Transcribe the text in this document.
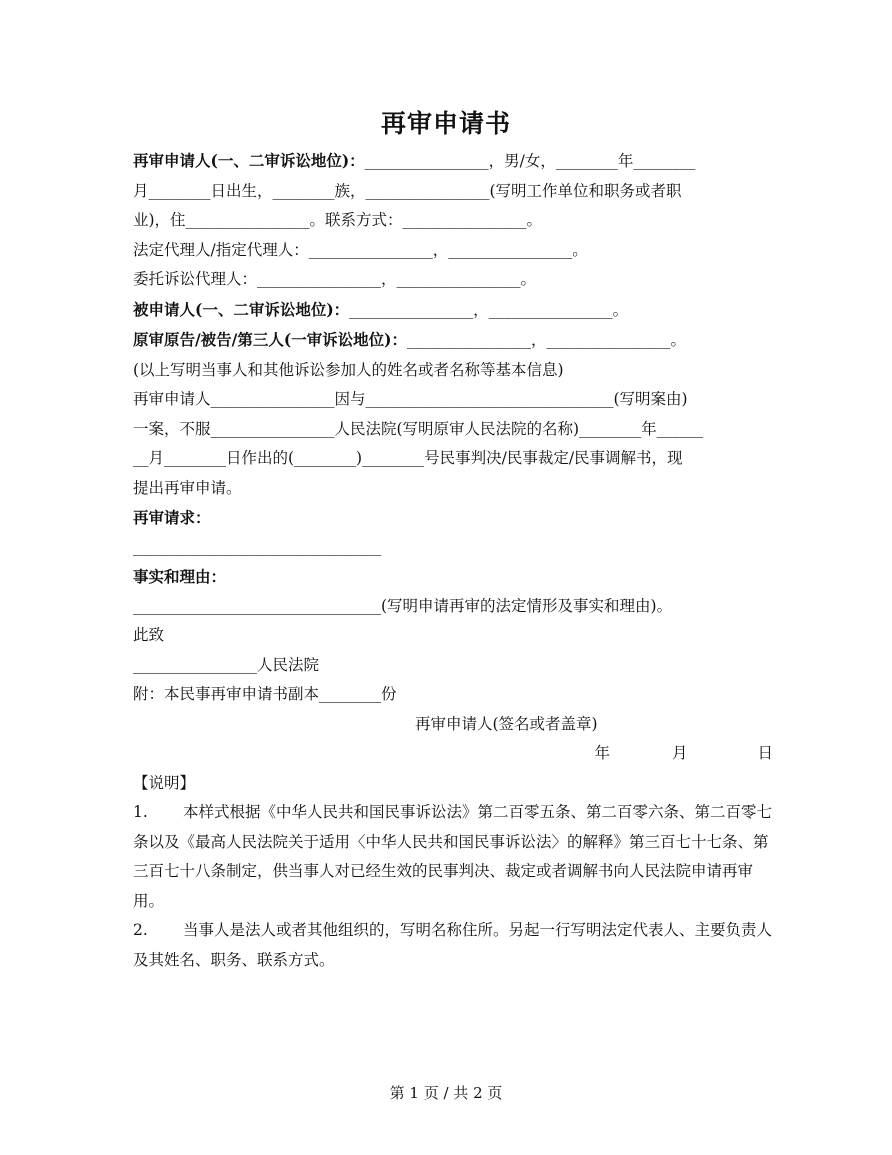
再审申请书
再审申请人(一、二审诉讼地位)：________________，男/女，________年________
月________日出生，________族，________________(写明工作单位和职务或者职
业)，住________________。联系方式：________________。
法定代理人/指定代理人：________________，________________。
委托诉讼代理人：________________，________________。
被申请人(一、二审诉讼地位)：________________，________________。
原审原告/被告/第三人(一审诉讼地位)：________________，________________。
(以上写明当事人和其他诉讼参加人的姓名或者名称等基本信息)
再审申请人________________因与________________________________(写明案由)
一案，不服________________人民法院(写明原审人民法院的名称)________年______
__月________日作出的(________)________号民事判决/民事裁定/民事调解书，现
提出再审申请。
再审请求：
________________________________
事实和理由：
________________________________(写明申请再审的法定情形及事实和理由)。
此致
________________人民法院
附：本民事再审申请书副本________份
再审申请人(签名或者盖章)
年	月	日
【说明】
1. 本样式根据《中华人民共和国民事诉讼法》第二百零五条、第二百零六条、第二百零七条以及《最高人民法院关于适用〈中华人民共和国民事诉讼法〉的解释》第三百七十七条、第三百七十八条制定，供当事人对已经生效的民事判决、裁定或者调解书向人民法院申请再审用。
2. 当事人是法人或者其他组织的，写明名称住所。另起一行写明法定代表人、主要负责人及其姓名、职务、联系方式。
第 1 页 / 共 2 页
